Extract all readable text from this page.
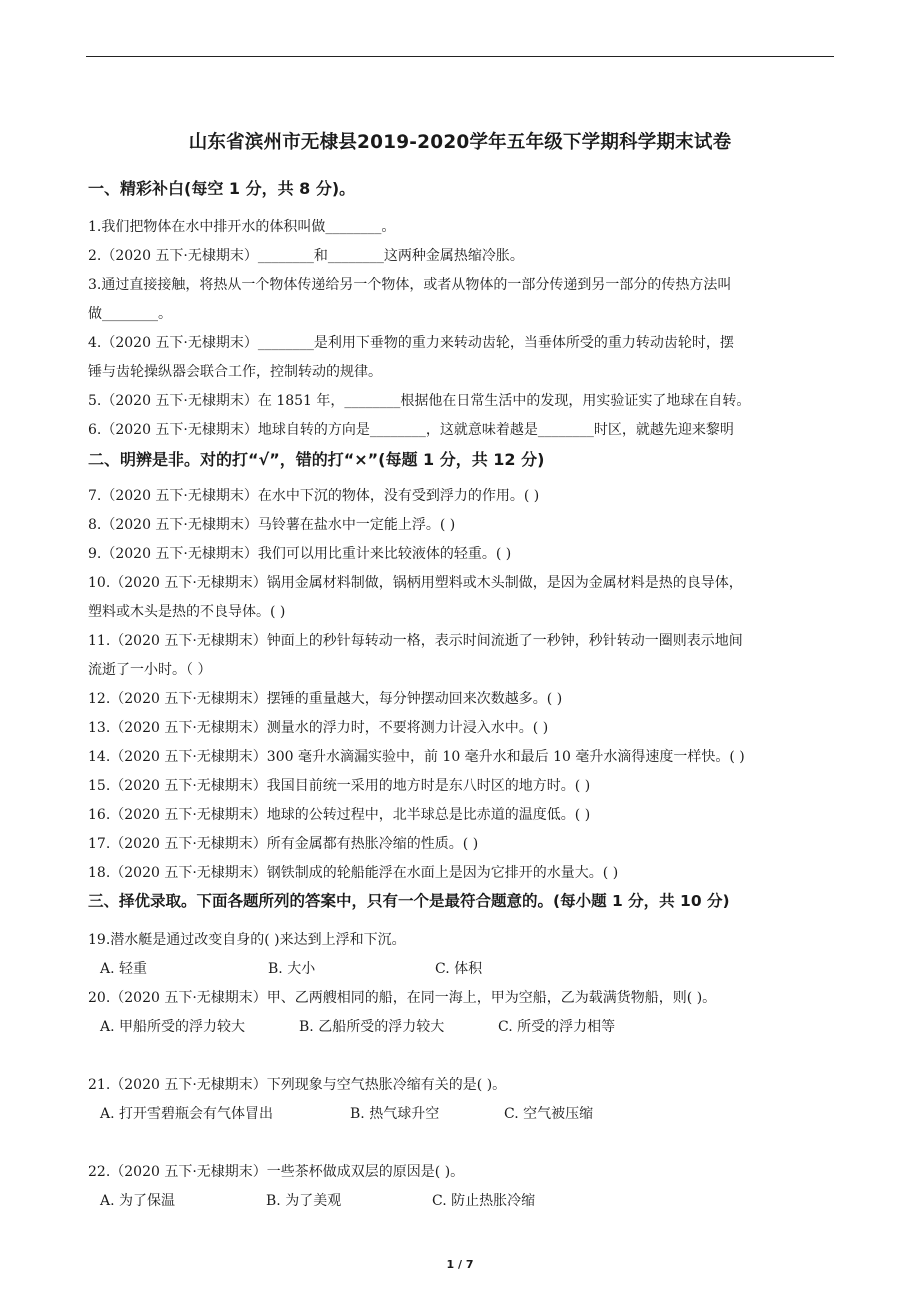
山东省滨州市无棣县2019-2020学年五年级下学期科学期末试卷
一、精彩补白(每空 1 分，共 8 分)。
1.我们把物体在水中排开水的体积叫做________。
2.（2020 五下·无棣期末）________和________这两种金属热缩冷胀。
3.通过直接接触，将热从一个物体传递给另一个物体，或者从物体的一部分传递到另一部分的传热方法叫
做________。
4.（2020 五下·无棣期末）________是利用下垂物的重力来转动齿轮，当垂体所受的重力转动齿轮时，摆
锤与齿轮操纵器会联合工作，控制转动的规律。
5.（2020 五下·无棣期末）在 1851 年，________根据他在日常生活中的发现，用实验证实了地球在自转。
6.（2020 五下·无棣期末）地球自转的方向是________，这就意味着越是________时区，就越先迎来黎明
二、明辨是非。对的打“√”，错的打“×”(每题 1 分，共 12 分)
7.（2020 五下·无棣期末）在水中下沉的物体，没有受到浮力的作用。( )
8.（2020 五下·无棣期末）马铃薯在盐水中一定能上浮。( )
9.（2020 五下·无棣期末）我们可以用比重计来比较液体的轻重。( )
10.（2020 五下·无棣期末）锅用金属材料制做，锅柄用塑料或木头制做，是因为金属材料是热的良导体，
塑料或木头是热的不良导体。( )
11.（2020 五下·无棣期末）钟面上的秒针每转动一格，表示时间流逝了一秒钟，秒针转动一圈则表示地间
流逝了一小时。（ ）
12.（2020 五下·无棣期末）摆锤的重量越大，每分钟摆动回来次数越多。( )
13.（2020 五下·无棣期末）测量水的浮力时，不要将测力计浸入水中。( )
14.（2020 五下·无棣期末）300 毫升水滴漏实验中，前 10 毫升水和最后 10 毫升水滴得速度一样快。( )
15.（2020 五下·无棣期末）我国目前统一采用的地方时是东八时区的地方时。( )
16.（2020 五下·无棣期末）地球的公转过程中，北半球总是比赤道的温度低。( )
17.（2020 五下·无棣期末）所有金属都有热胀冷缩的性质。( )
18.（2020 五下·无棣期末）钢铁制成的轮船能浮在水面上是因为它排开的水量大。( )
三、择优录取。下面各题所列的答案中，只有一个是最符合题意的。(每小题 1 分，共 10 分)
19.潜水艇是通过改变自身的( )来达到上浮和下沉。
A. 轻重	B. 大小	C. 体积
20.（2020 五下·无棣期末）甲、乙两艘相同的船，在同一海上，甲为空船，乙为载满货物船，则( )。
A. 甲船所受的浮力较大	B. 乙船所受的浮力较大	C. 所受的浮力相等
21.（2020 五下·无棣期末）下列现象与空气热胀冷缩有关的是( )。
A. 打开雪碧瓶会有气体冒出	B. 热气球升空	C. 空气被压缩
22.（2020 五下·无棣期末）一些茶杯做成双层的原因是( )。
A. 为了保温	B. 为了美观	C. 防止热胀冷缩
1 / 7
